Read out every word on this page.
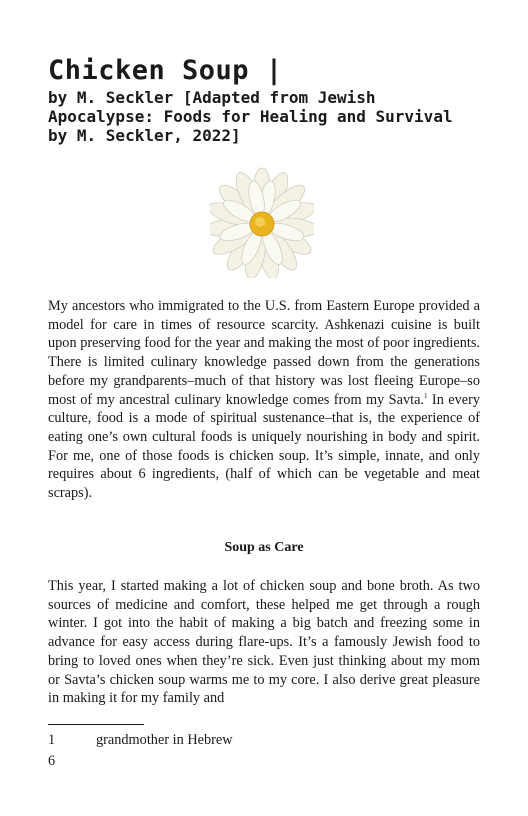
Chicken Soup |

by M. Seckler [Adapted from Jewish Apocalypse: Foods for Healing and Survival by M. Seckler, 2022]

My ancestors who immigrated to the U.S. from Eastern Europe provided a model for care in times of resource scarcity. Ashkenazi cuisine is built upon preserving food for the year and making the most of poor ingredients. There is limited culinary knowledge passed down from the generations before my grandparents–much of that history was lost fleeing Europe–so most of my ancestral culinary knowledge comes from my Savta.$^1$ In every culture, food is a mode of spiritual sustenance–that is, the experience of eating one’s own cultural foods is uniquely nourishing in body and spirit. For me, one of those foods is chicken soup. It’s simple, innate, and only requires about 6 ingredients, (half of which can be vegetable and meat scraps).

Soup as Care

This year, I started making a lot of chicken soup and bone broth. As two sources of medicine and comfort, these helped me get through a rough winter. I got into the habit of making a big batch and freezing some in advance for easy access during flare-ups. It’s a famously Jewish food to bring to loved ones when they’re sick. Even just thinking about my mom or Savta’s chicken soup warms me to my core. I also derive great pleasure in making it for my family and

1	grandmother in Hebrew
6
